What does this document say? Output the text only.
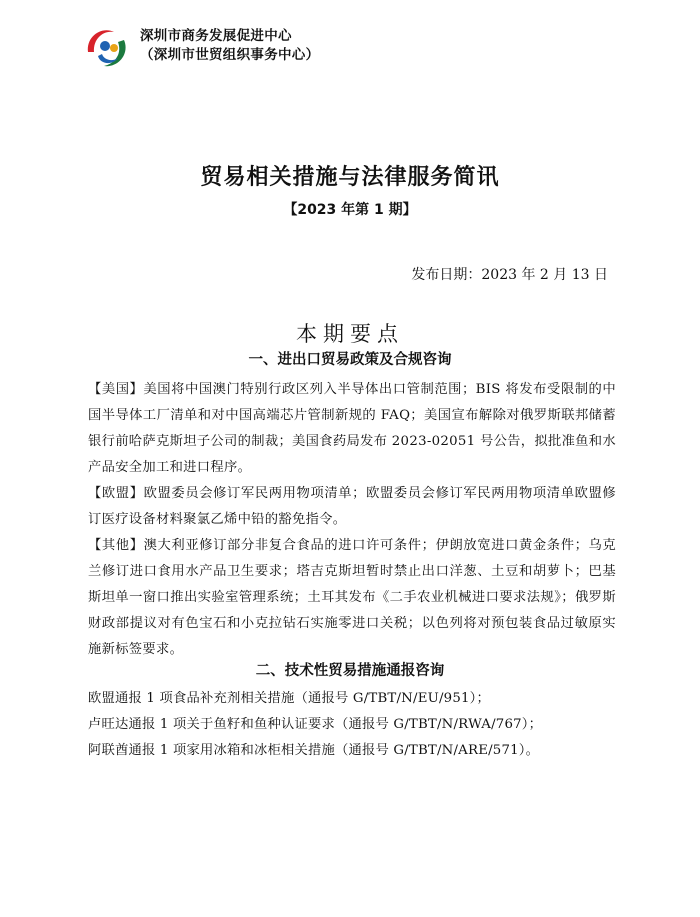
深圳市商务发展促进中心
（深圳市世贸组织事务中心）
贸易相关措施与法律服务简讯
【2023 年第 1 期】
发布日期：2023 年 2 月 13 日
本期要点
一、进出口贸易政策及合规咨询
【美国】美国将中国澳门特别行政区列入半导体出口管制范围；BIS 将发布受限制的中国半导体工厂清单和对中国高端芯片管制新规的 FAQ；美国宣布解除对俄罗斯联邦储蓄银行前哈萨克斯坦子公司的制裁；美国食药局发布 2023-02051 号公告，拟批准鱼和水产品安全加工和进口程序。
【欧盟】欧盟委员会修订军民两用物项清单；欧盟委员会修订军民两用物项清单欧盟修订医疗设备材料聚氯乙烯中铅的豁免指令。
【其他】澳大利亚修订部分非复合食品的进口许可条件；伊朗放宽进口黄金条件；乌克兰修订进口食用水产品卫生要求；塔吉克斯坦暂时禁止出口洋葱、土豆和胡萝卜；巴基斯坦单一窗口推出实验室管理系统；土耳其发布《二手农业机械进口要求法规》；俄罗斯财政部提议对有色宝石和小克拉钻石实施零进口关税；以色列将对预包装食品过敏原实施新标签要求。
二、技术性贸易措施通报咨询
欧盟通报 1 项食品补充剂相关措施（通报号 G/TBT/N/EU/951）；
卢旺达通报 1 项关于鱼籽和鱼种认证要求（通报号 G/TBT/N/RWA/767）；
阿联酋通报 1 项家用冰箱和冰柜相关措施（通报号 G/TBT/N/ARE/571）。
